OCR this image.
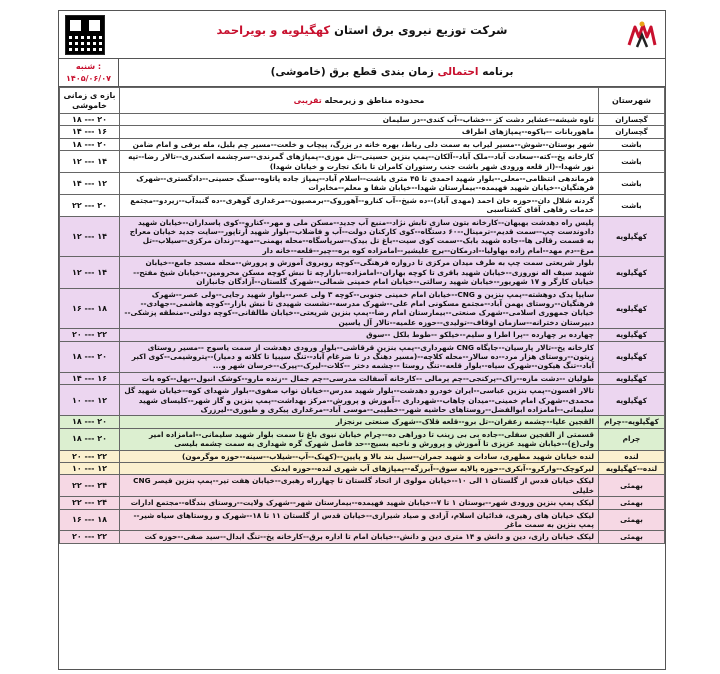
شرکت توزیع نیروی برق استان کهگیلویه و بویراحمد
شنبه :
۱۴۰۵/۰۶/۰۷
برنامه احتمالی زمان بندی قطع برق (خاموشی)
بازه ی زمانی خاموشی	محدوده مناطق و زیرمحله تقریبی	شهرستان
۱۸ --- ۲۰	تاوه شیشه--عشایر دشت کز --خشاب--آب کندی--دز سلیمان	گچساران
۱۴ --- ۱۶	ماهوربانات --باکوه--پمپاژهای اطراف	گچساران
۱۸ --- ۲۰	شهر بوستان--شوش--مسیر لیراب به سمت دلی رباط، بهره خانه در بزرگ، پیچاب و خلعت--مسیر چم بلبل، مله برفی و امام ضامن	باشت
۱۲ --- ۱۴	کارخانه یخ--کته--سعادت آباد--ملک آباد--آلکان--پمپ بنزین حسینی--تل موزی--پمپاژهای گمرندی--سرچشمه اسکندری--تالار رضا--تپه نور شهدا--(از قلعه ورودی شهر باشت جنب رستوران کامران تا بانک تجارت و خیابان شهدا)	باشت
۱۴ --- ۱۲	فرماندهی انتظامی--معلی--بلوار شهید احمدی تا ۴۵ متری باشت--اسلام آباد--پمپاژ جاده پاتاوه--سنگ حسینی--دادگستری--شهرک فرهنگیان--خیابان شهید فهیمده--بیمارستان شهدا--خیابان شفا و معلم--مخابرات	باشت
۲۲ --- ۲۰	گردنه شلال دان--حوزه خان احمد (مهدی آباد)--ده شیخ--آب کنارو--آهوروک--برمصیون--مرغداری گوهری--ده گنبدآب--زیردو--مجتمع خدمات رفاهی آقای کشتاسبی	باشت
۱۲ --- ۱۴	پلیس راه دهدشت بهبهان--کارخانه بتون سازی تابش نژاد--منبع آب جدید--مسکن ملی و مهر--کنارو--کوی پاسداران--خیابان شهید دادوندست چپ--سمت قدیم--ترمینال--۶۰ دستگاه--کوی کارکنان دولت--آب و فاضلاب--بلوار شهید آرتاپور--سایت جدید خیابان معراج به قسمت رقالی ها--جاده شهید بابک--سمت کوی سیت--باغ تل بیدک--سرپاسگاه--محله بهمنی--مهد--زندان مرکزی--سیلاب--تل مرغ--دم مهد--امام زاده بهاولیا--ادرمکان--برج علیشیر--امامزاده کوه بره--چیر--قلعه--خانه دار	کهگیلویه
۱۲ --- ۱۴	بلوار شریعتی سمت چپ به طرف میدان مرکزی تا دروازه فرهنگی--کوچه روبروی آموزش و پرورش--محله مسجد جامع--خیابان شهید سیف اله نوروزی--خیابان شهید باقری تا کوچه بهاران--امامزاده--بازارچه تا نبش کوچه مسکن محرومین--خیابان شیخ مفتح--خیابان کارگر و ۱۷ شهریور--خیابان شهید رسالتی--خیابان امام خمینی شمالی--شهرک گلستان--آزادگان جانبازان	کهگیلویه
۱۶ --- ۱۸	سایپا یدک دوهشته--پمپ بنزین و CNG--خیابان امام خمینی جنوبی--کوچه ۳ ولی عصر--بلوار شهید رجایی--ولی عصر--شهرک فرهنگیان--روستای بهمن آباد--مجتمع مسکونی امام علی--شهرک مدرسه--نشست شهیدی تا نبش بازار--کوچه هاشمی--جهادی--خیابان جمهوری اسلامی--شهرک صنعتی--بیمارستان امام رضا--پمپ بنزین شریعتی--خیابان طالقانی--کوچه دولتی--منطقه پزشکی--دبیرستان دخترانه--سازمان اوقاف--تولیدی--حوزه علمیه--تالار آل یاسین	کهگیلویه
۲۰ --- ۲۲	چهارده بر چهارده --پرا اطرا و سلیم--خیلکو --طوط بلکل --سوق	کهگیلویه
۱۸ --- ۲۰	کارخانه یخ--تالار پارسیان--جایگاه CNG شهرداری--پمپ بنزین قرقاشی--بلوار ورودی دهدشت از سمت یاسوج --مسیر روستای زیتون--روستای هزار مرد--ده سالار--محله کلاچه--(مسیر دهنگ در تا ضرغام آباد--تنگ سیبیا تا کلاته و دمیار)--پتروشیمی--کوی اکبر آباد--تنگ هیکون--شهرک سیاه--بلوار قلعه--تنگ روستا --چشمه دختر --کلات--لیرک--پیرک--خرسان شهر و...	کهگیلویه
۱۴ --- ۱۶	طولیان --دشت مازه--زاک--پرکنجی--چم پرمالی --کارخانه آسفالت مدرسی--چم جمال --زنده مارو--کوشک انبول--بهل--کوه یات	کهگیلویه
۱۰ --- ۱۲	تالار افسون--پمپ بنزین عباسی--ایران خودرو دهدشت--بلوار شهید مدرس--خیابان نواب صفوی--بلوار شهدای کوه--خیابان شهید گل محمدی--شهرک امام خمینی--میدان چاهاب--شهرداری --آموزش و پرورش--مرکز بهداشت--پمپ بنزین و گاز شهر--کلیسای شهید سلیمانی--امامزاده ابوالفضل--روستاهای حاشیه شهر--خطیبی--موسی آباد--مرغداری پیکری و طیوری--لیرزرک	کهگیلویه
۱۸ --- ۲۰	القجین علیا--چشمه زعفران--تل برو--قلعه قلاک--شهرک صنعتی برنجزار	کهگیلویه--چرام
۱۸ --- ۲۰	قسمتی از القجین سفلی--جاده بی بی زینب تا دوراهی ده--چرام خیابان نبوی باغ تا سمت بلوار شهید سلیمانی--امامزاده امیر ولی(ع)--خیابان شهید عزیزی تا آموزش و پرورش و ناحیه بسیج--حد فاصل شهرک گره شهداری به سمت چشمه بلیسی	چرام
۲۰ --- ۲۲	لنده خیابان شهید مطهری، سادات و شهید جمران--سیل بند بالا و پایین--(کهنک--آپ--شیلاب--سینه--حوزه موگرمون)	لنده
۱۰ --- ۱۲	لیرکوچک--وارکرو--آبکری--حوزه پالایه سوق--آبرزگه--پمپاژهای آب شهری لنده--حوزه ایدنک	لنده--کهگیلویه
۲۲ --- ۲۴	لیکک خیابان قدس از گلستان ۱ الی ۱۰--خیابان مولوی از اتحاد گلستان تا چهارراه رهبری--خیابان هفت تیر--پمپ بنزین قیصر CNG خلیلی	بهمئی
۲۲ --- ۲۴	لیکک پمپ بنزین ورودی شهر--بوستان ۱ تا ۷--خیابان شهید فهیمده--بیمارستان شهر--شهرک ولایت--روستای بندگاه--مجتمع ادارات	بهمئی
۱۶ --- ۱۸	لیکک خیابان های رهبری، فدائیان اسلام، آزادی و صیاد شیرازی--خیابان قدس از گلستان ۱۱ تا ۱۸--شهرک و روستاهای سیاه شیر--پمپ بنزین به سمت ماغر	بهمئی
۲۰ --- ۲۲	لیکک خیابان رازی، دین و دانش و ۱۴ متری دین و دانش--خیابان امام تا اداره برق--کارخانه یخ--تنگ ابدال--سید صفی--حوزه کت	بهمئی
